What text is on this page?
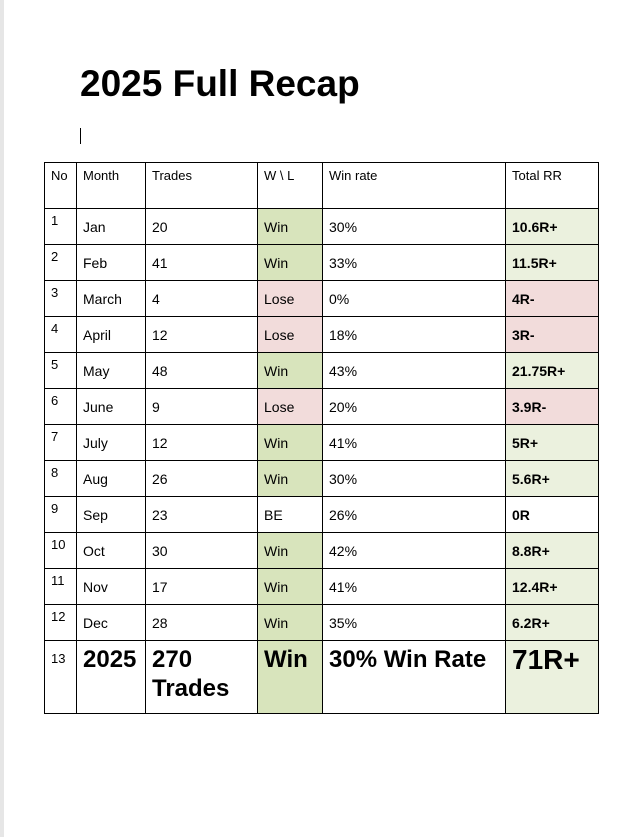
2025 Full Recap
No	Month	Trades	W \ L	Win rate	Total RR
1	Jan	20	Win	30%	10.6R+
2	Feb	41	Win	33%	11.5R+
3	March	4	Lose	0%	4R-
4	April	12	Lose	18%	3R-
5	May	48	Win	43%	21.75R+
6	June	9	Lose	20%	3.9R-
7	July	12	Win	41%	5R+
8	Aug	26	Win	30%	5.6R+
9	Sep	23	BE	26%	0R
10	Oct	30	Win	42%	8.8R+
11	Nov	17	Win	41%	12.4R+
12	Dec	28	Win	35%	6.2R+
13	2025	270 Trades	Win	30% Win Rate	71R+
